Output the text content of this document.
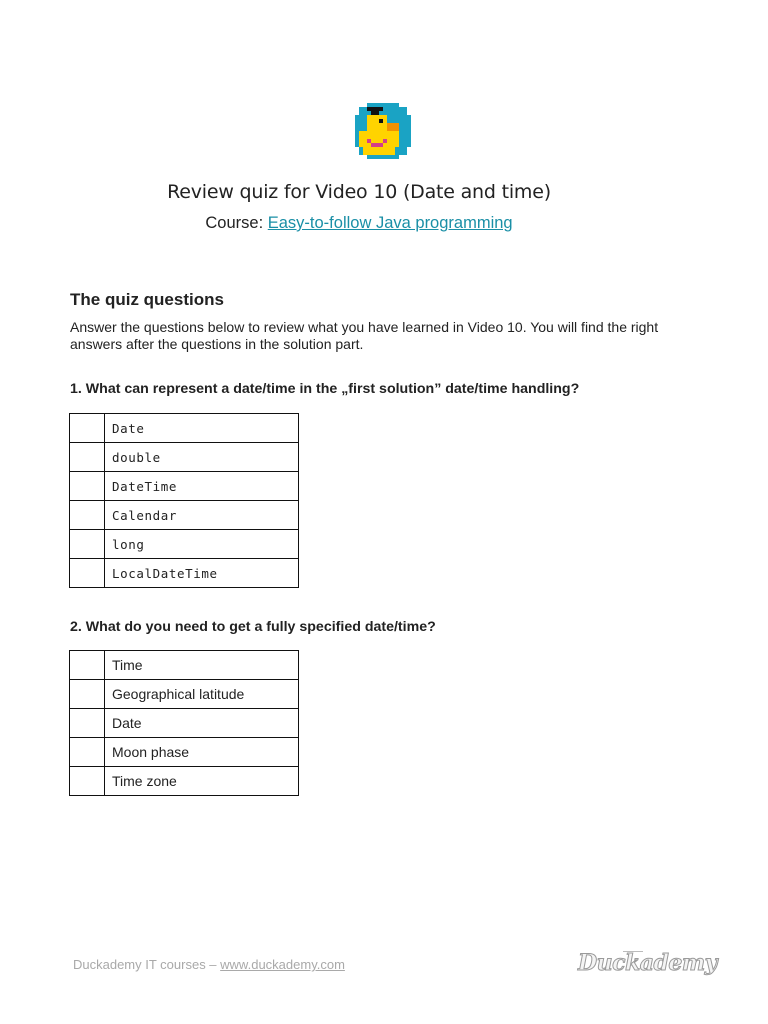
Review quiz for Video 10 (Date and time)
Course: Easy-to-follow Java programming
The quiz questions
Answer the questions below to review what you have learned in Video 10. You will find the right answers after the questions in the solution part.
1. What can represent a date/time in the „first solution” date/time handling?
	Date
	double
	DateTime
	Calendar
	long
	LocalDateTime
2. What do you need to get a fully specified date/time?
	Time
	Geographical latitude
	Date
	Moon phase
	Time zone
Duckademy IT courses – www.duckademy.com	Duckademy
